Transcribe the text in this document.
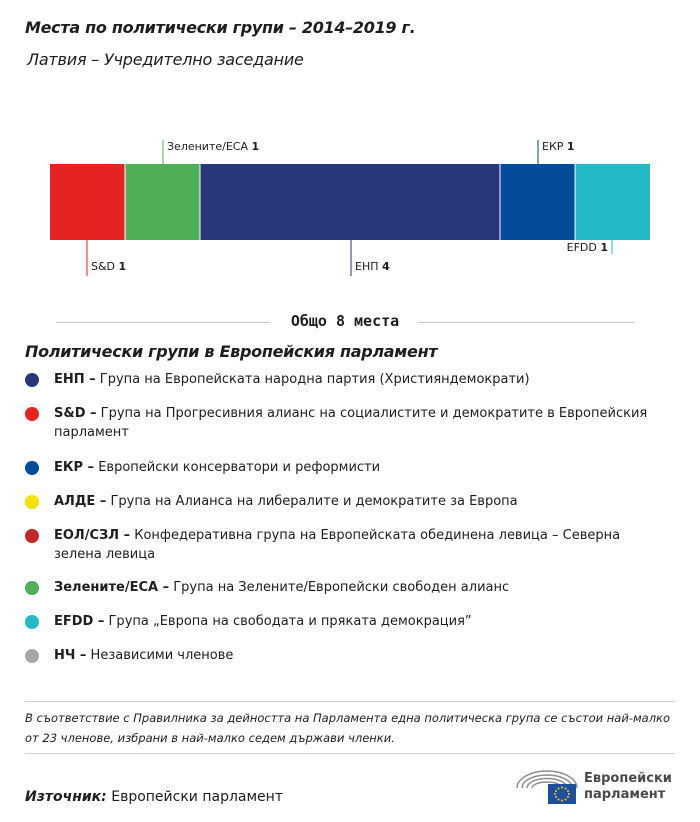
Места по политически групи – 2014–2019 г.
Латвия – Учредително заседание
S&D 1
Зелените/ЕСА 1
ЕНП 4
ЕКР 1
EFDD 1
Общо 8 места
Политически групи в Европейския парламент
ЕНП – Група на Европейската народна партия (Християндемократи)
S&D – Група на Прогресивния алианс на социалистите и демократите в Европейския парламент
ЕКР – Европейски консерватори и реформисти
АЛДЕ – Група на Алианса на либералите и демократите за Европа
ЕОЛ/СЗЛ – Конфедеративна група на Европейската обединена левица – Северна зелена левица
Зелените/ЕСА – Група на Зелените/Европейски свободен алианс
EFDD – Група „Европа на свободата и пряката демокрация”
НЧ – Независими членове
В съответствие с Правилника за дейността на Парламента една политическа група се състои най-малко от 23 членове, избрани в най-малко седем държави членки.
Източник: Европейски парламент
Европейски
парламент
